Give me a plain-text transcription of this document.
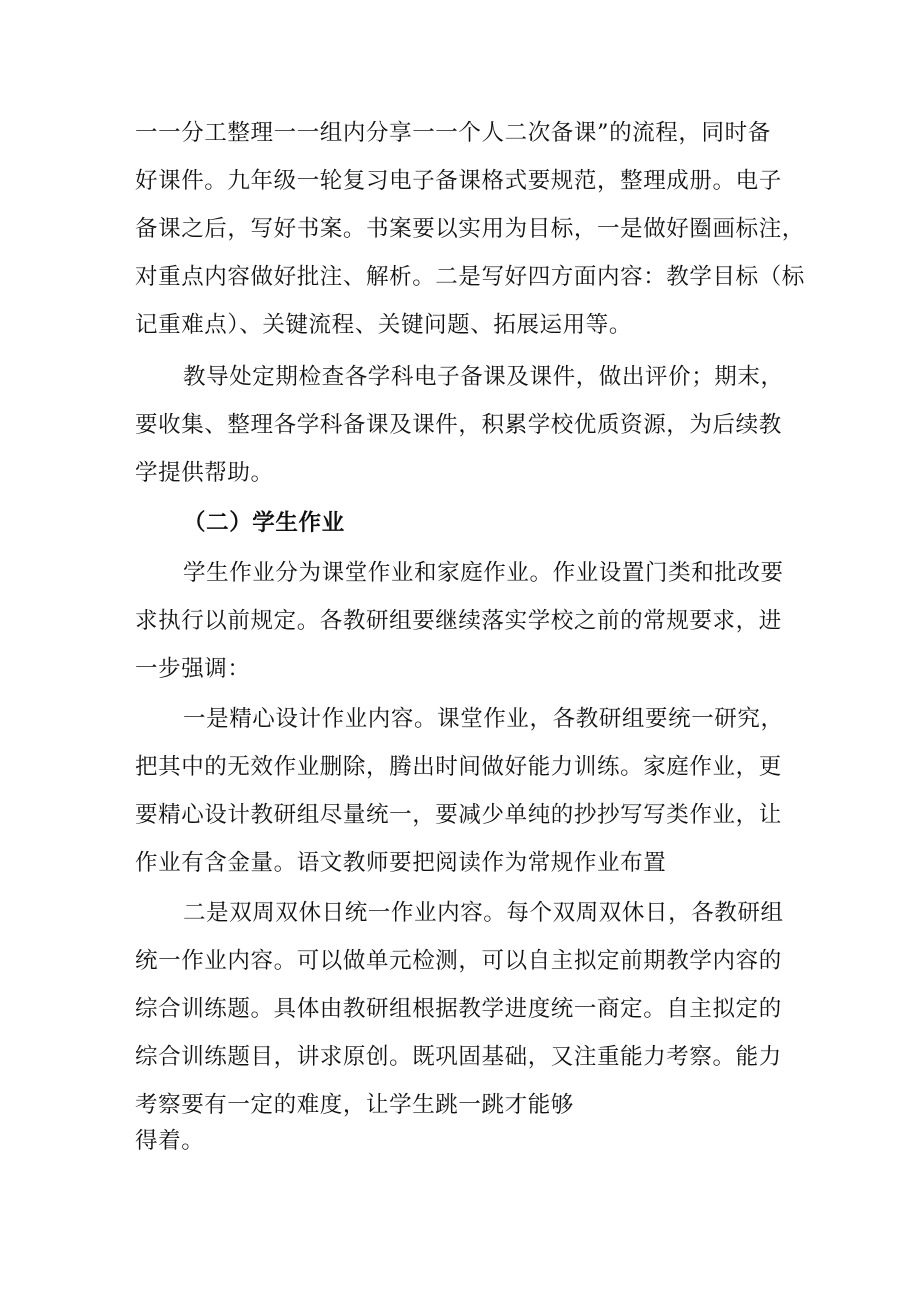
一一分工整理一一组内分享一一个人二次备课”的流程，同时备
好课件。九年级一轮复习电子备课格式要规范，整理成册。电子
备课之后，写好书案。书案要以实用为目标，一是做好圈画标注，
对重点内容做好批注、解析。二是写好四方面内容：教学目标（标
记重难点）、关键流程、关键问题、拓展运用等。
教导处定期检查各学科电子备课及课件，做出评价；期末，
要收集、整理各学科备课及课件，积累学校优质资源，为后续教
学提供帮助。
（二）学生作业
学生作业分为课堂作业和家庭作业。作业设置门类和批改要
求执行以前规定。各教研组要继续落实学校之前的常规要求，进
一步强调：
一是精心设计作业内容。课堂作业，各教研组要统一研究，
把其中的无效作业删除，腾出时间做好能力训练。家庭作业，更
要精心设计教研组尽量统一，要减少单纯的抄抄写写类作业，让
作业有含金量。语文教师要把阅读作为常规作业布置
二是双周双休日统一作业内容。每个双周双休日，各教研组
统一作业内容。可以做单元检测，可以自主拟定前期教学内容的
综合训练题。具体由教研组根据教学进度统一商定。自主拟定的
综合训练题目，讲求原创。既巩固基础，又注重能力考察。能力
考察要有一定的难度，让学生跳一跳才能够
得着。
